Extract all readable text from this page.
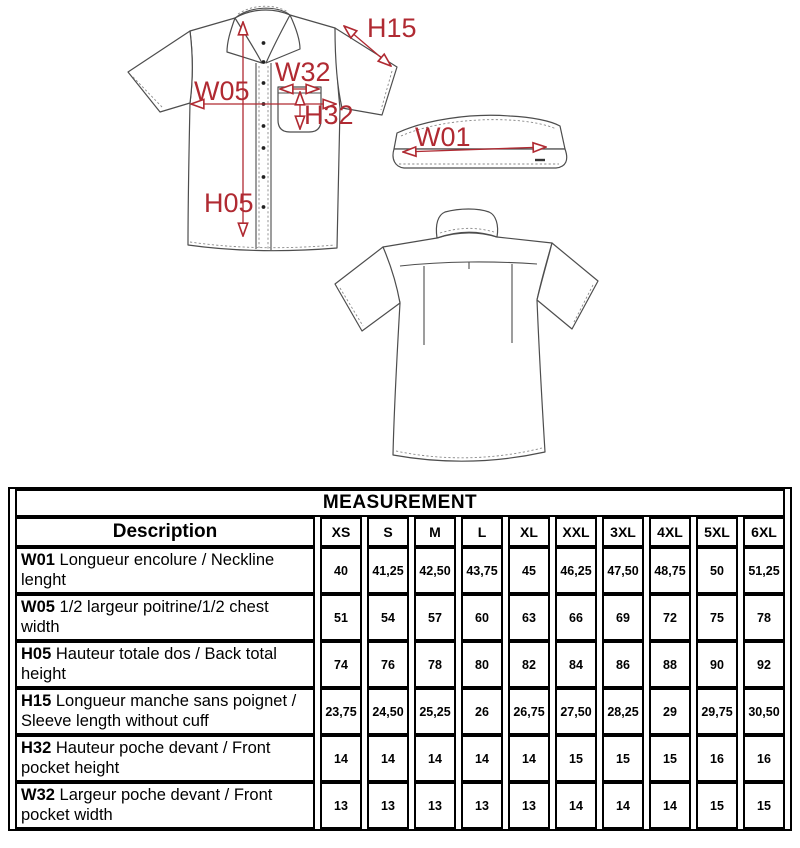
H15
W05
W32
H32
H05
W01
MEASUREMENT										
Description	XS	S	M	L	XL	XXL	3XL	4XL	5XL	6XL
W01 Longueur encolure / Neckline lenght	40	41,25	42,50	43,75	45	46,25	47,50	48,75	50	51,25
W05 1/2 largeur poitrine/1/2 chest width	51	54	57	60	63	66	69	72	75	78
H05 Hauteur totale dos / Back total height	74	76	78	80	82	84	86	88	90	92
H15 Longueur manche sans poignet / Sleeve length without cuff	23,75	24,50	25,25	26	26,75	27,50	28,25	29	29,75	30,50
H32 Hauteur poche devant / Front pocket height	14	14	14	14	14	15	15	15	16	16
W32 Largeur poche devant / Front pocket width	13	13	13	13	13	14	14	14	15	15
